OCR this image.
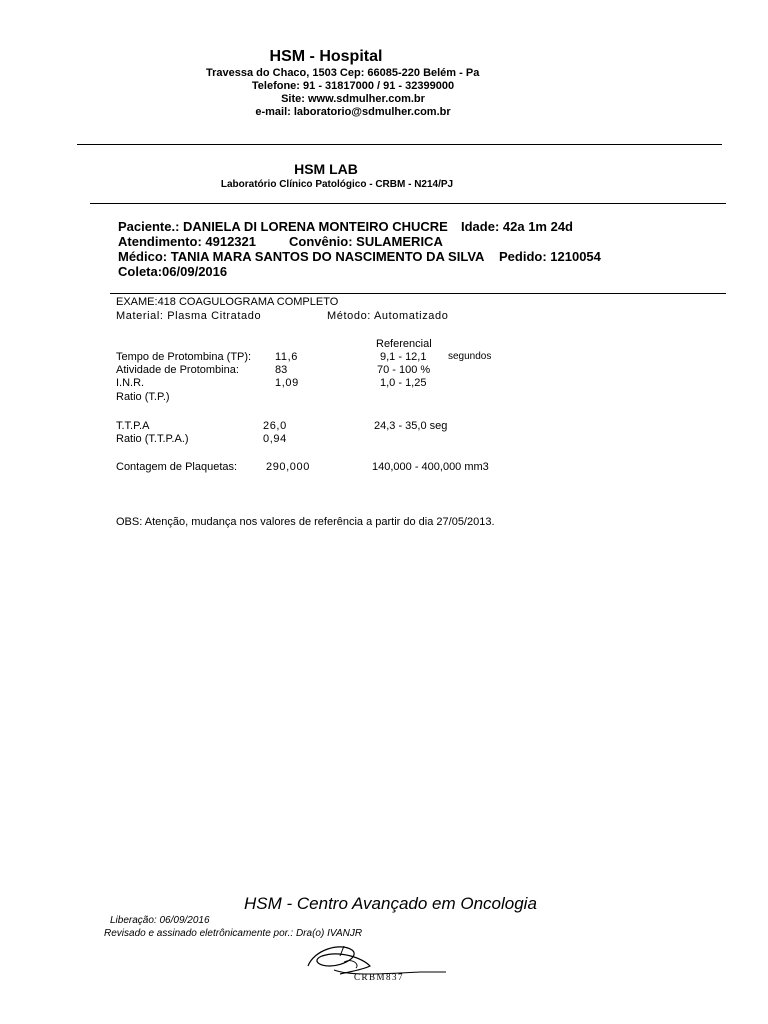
HSM - Hospital
Travessa do Chaco, 1503 Cep: 66085-220 Belém - Pa
Telefone: 91 - 31817000 / 91 - 32399000
Site: www.sdmulher.com.br
e-mail: laboratorio@sdmulher.com.br
HSM LAB
Laboratório Clínico Patológico - CRBM - N214/PJ
Paciente.: DANIELA DI LORENA MONTEIRO CHUCRE Idade: 42a 1m 24d
Atendimento: 4912321	Convênio: SULAMERICA
Médico: TANIA MARA SANTOS DO NASCIMENTO DA SILVA Pedido: 1210054
Coleta:06/09/2016
EXAME:418 COAGULOGRAMA COMPLETO
Material: Plasma Citratado	Método: Automatizado
Referencial
Tempo de Protombina (TP): 11,6	9,1 - 12,1 segundos
Atividade de Protombina:	83	70 - 100 %
I.N.R.	1,09	1,0 - 1,25
Ratio (T.P.)
T.T.P.A	26,0	24,3 - 35,0 seg
Ratio (T.T.P.A.)	0,94
Contagem de Plaquetas:	290,000	140,000 - 400,000 mm3
OBS: Atenção, mudança nos valores de referência a partir do dia 27/05/2013.
HSM - Centro Avançado em Oncologia
Liberação: 06/09/2016
Revisado e assinado eletrônicamente por.: Dra(o) IVANJR
CRBM837
